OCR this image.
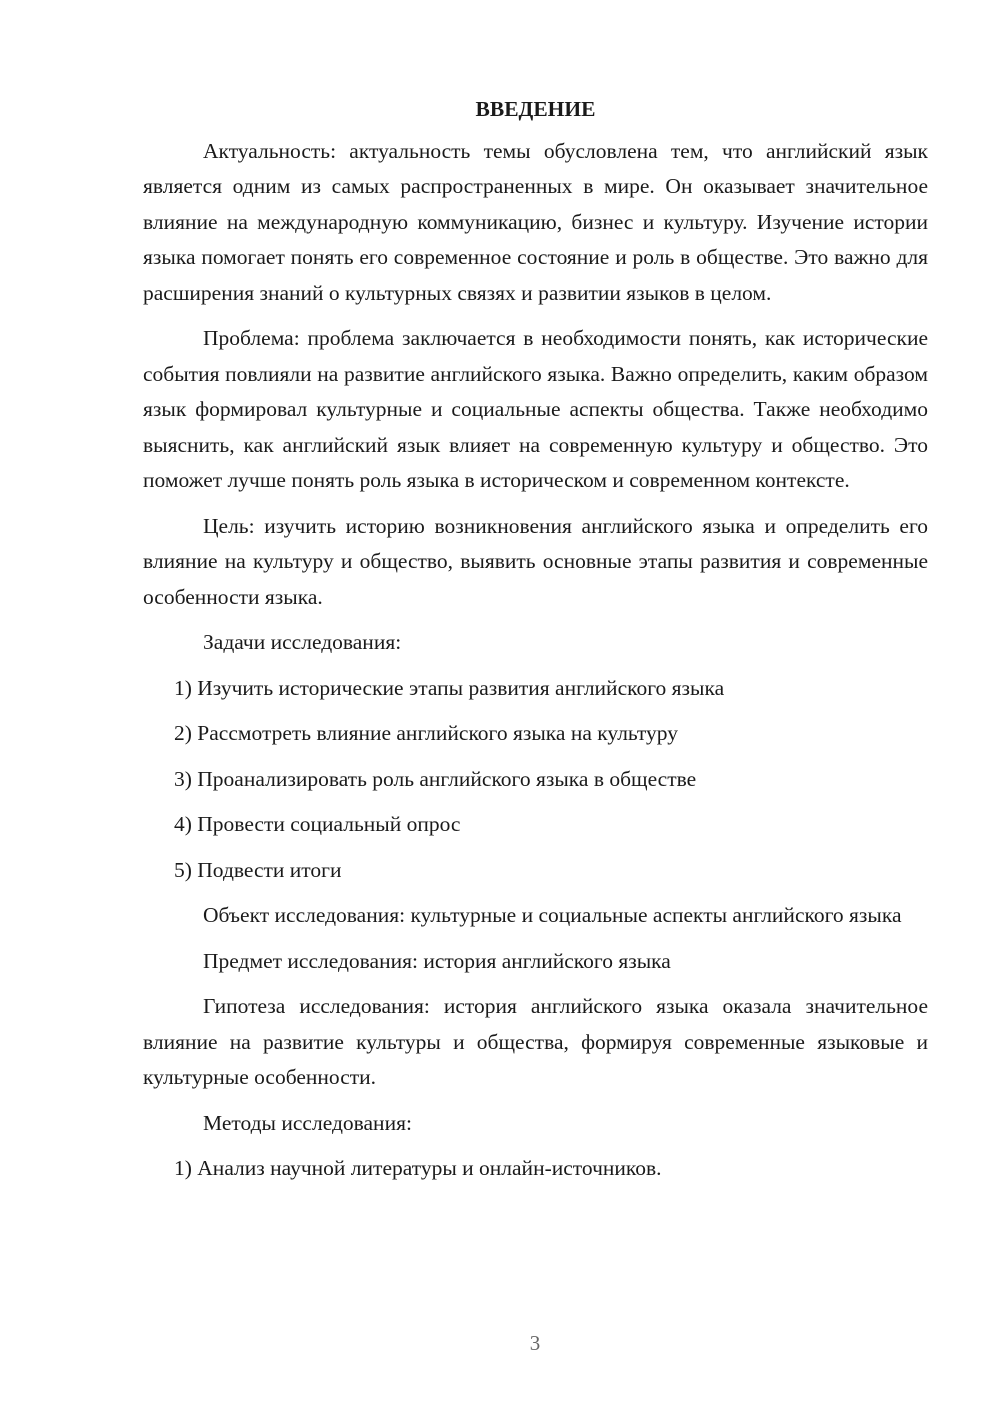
ВВЕДЕНИЕ

Актуальность: актуальность темы обусловлена тем, что английский язык является одним из самых распространенных в мире. Он оказывает значительное влияние на международную коммуникацию, бизнес и культуру. Изучение истории языка помогает понять его современное состояние и роль в обществе. Это важно для расширения знаний о культурных связях и развитии языков в целом.

Проблема: проблема заключается в необходимости понять, как исторические события повлияли на развитие английского языка. Важно определить, каким образом язык формировал культурные и социальные аспекты общества. Также необходимо выяснить, как английский язык влияет на современную культуру и общество. Это поможет лучше понять роль языка в историческом и современном контексте.

Цель: изучить историю возникновения английского языка и определить его влияние на культуру и общество, выявить основные этапы развития и современные особенности языка.

Задачи исследования:

1) Изучить исторические этапы развития английского языка

2) Рассмотреть влияние английского языка на культуру

3) Проанализировать роль английского языка в обществе

4) Провести социальный опрос

5) Подвести итоги

Объект исследования: культурные и социальные аспекты английского языка

Предмет исследования: история английского языка

Гипотеза исследования: история английского языка оказала значительное влияние на развитие культуры и общества, формируя современные языковые и культурные особенности.

Методы исследования:

1) Анализ научной литературы и онлайн-источников.

3
